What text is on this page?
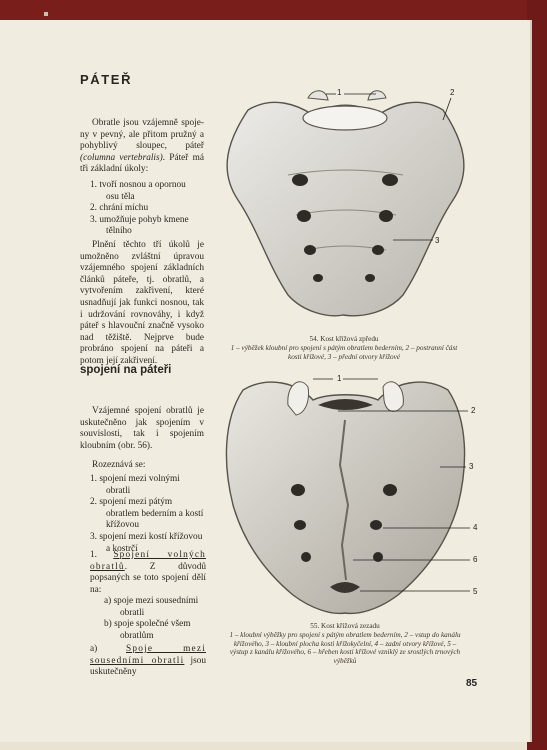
PÁTEŘ
Obratle jsou vzájemně spoje-ny v pevný, ale přitom pružný a pohyblivý sloupec, páteř (columna vertebralis). Páteř má tři základní úkoly:
1. tvoří nosnou a opornou osu těla
2. chrání míchu
3. umožňuje pohyb kmene tělního
Plnění těchto tří úkolů je umožněno zvláštní úpravou vzájemného spojení základních článků páteře, tj. obratlů, a vytvořením zakřivení, které usnadňují jak funkci nosnou, tak i udržování rovnováhy, i když páteř s hlavouční značně vysoko nad těžiště. Nejprve bude probráno spojení na páteři a potom její zakřivení.
spojení na páteři
Vzájemné spojení obratlů je uskutečněno jak spojením v souvislosti, tak i spojením kloubním (obr. 56).
Rozeznává se:
1. spojení mezi volnými obratli
2. spojení mezi pátým obratlem bederním a kostí křížovou
3. spojení mezi kostí křížovou a kostrčí
1. Spojení volných obratlů. Z důvodů popsaných se toto spojení dělí na:
a) spoje mezi sousedními obratli
b) spoje společné všem obratlům
a)	Spoje mezi sousedními obratli jsou uskutečněny
1	2
3
54. Kost křížová zpředu
1 – výběžek kloubní pro spojení s pátým obratlem bederním, 2 – postranní část kosti křížové, 3 – přední otvory křížové
1
2
3
4
5
6
55. Kost křížová zezadu
1 – kloubní výběžky pro spojení s pátým obratlem bederním, 2 – vstup do kanálu křížového, 3 – kloubní plocha kosti křížokyčelní, 4 – zadní otvory křížové, 5 – výstup z kanálu křížového, 6 – hřeben kosti křížové vzniklý ze srostlých trnových výběžků
85
